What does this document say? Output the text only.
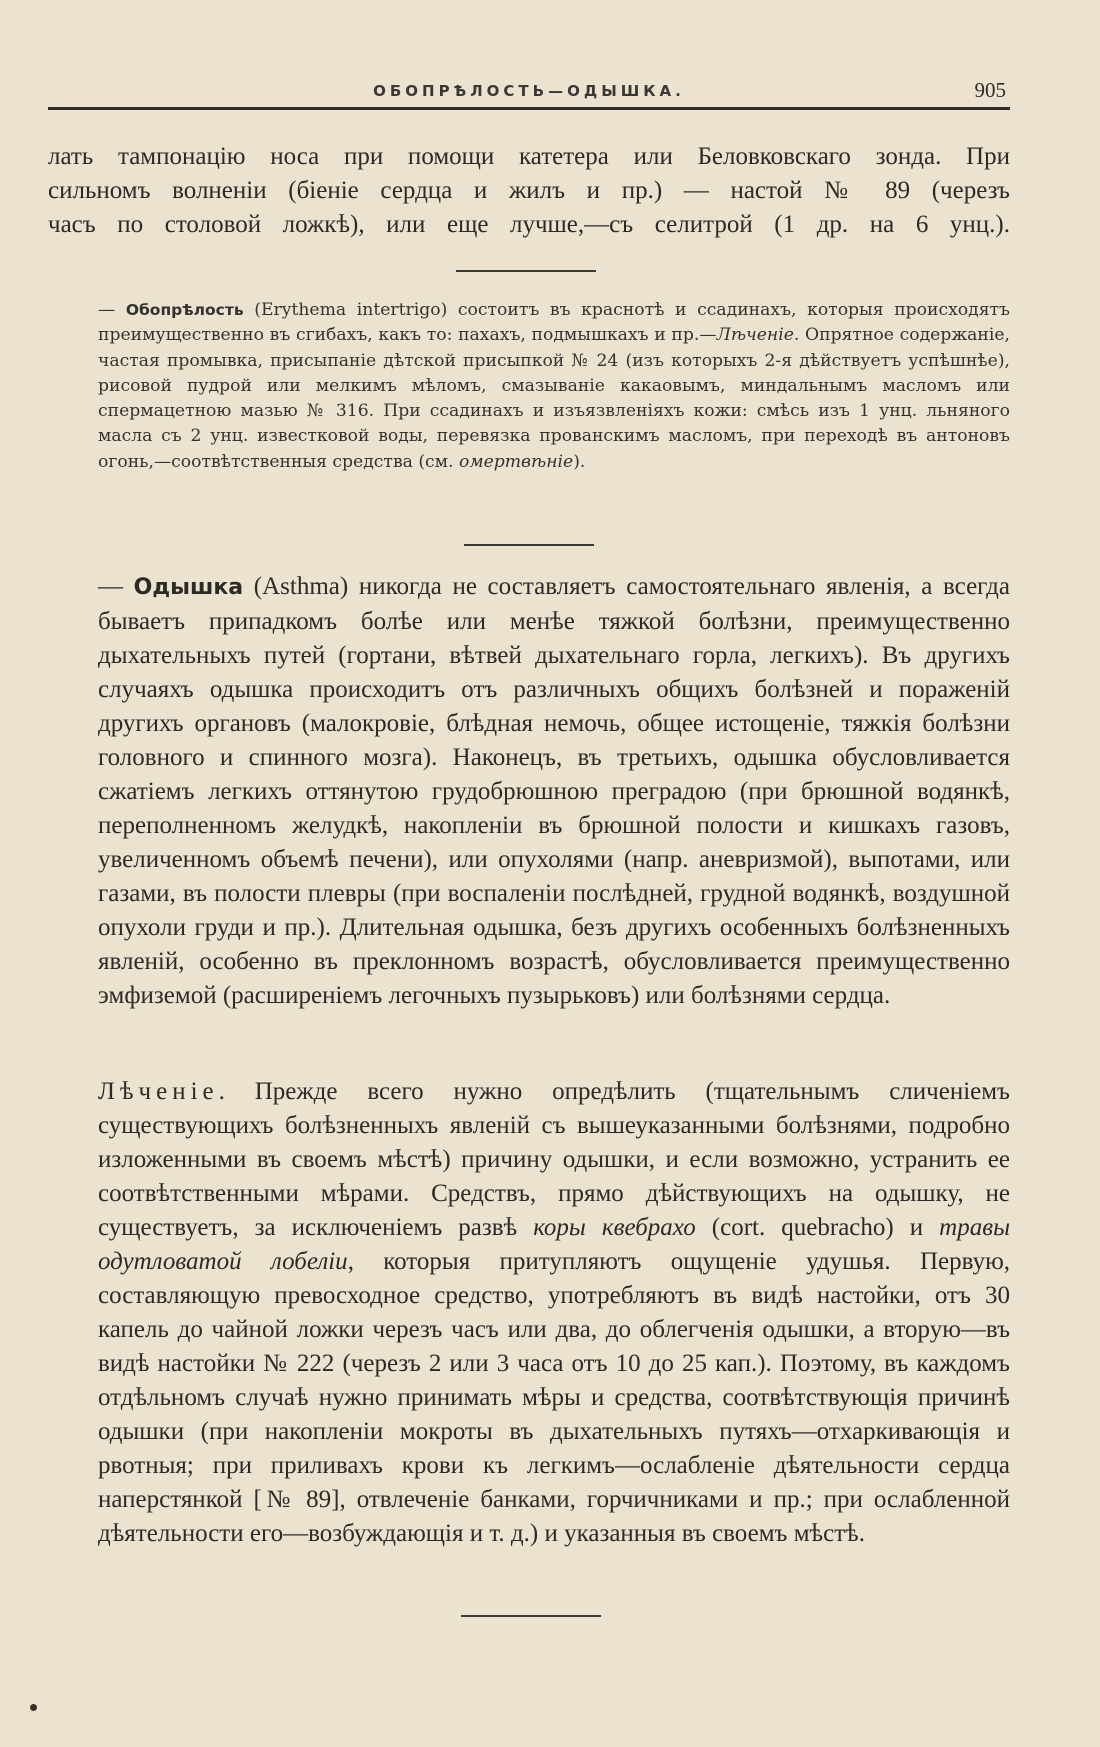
ОБОПРѢЛОСТЬ—ОДЫШКА.	905

лать тампонацію носа при помощи катетера или Беловковскаго зонда. При

сильномъ волненіи (біеніе сердца и жилъ и пр.) — настой № 89 (черезъ

часъ по столовой ложкѣ), или еще лучше,—съ селитрой (1 др. на 6 унц.).

— Обопрѣлость (Erythema intertrigo) состоитъ въ краснотѣ и ссадинахъ, которыя происходятъ преимущественно въ сгибахъ, какъ то: пахахъ, подмышкахъ и пр.—Лѣченіе. Опрятное содержаніе, частая промывка, присыпаніе дѣтской присыпкой № 24 (изъ которыхъ 2-я дѣйствуетъ успѣшнѣе), рисовой пудрой или мелкимъ мѣломъ, смазываніе какаовымъ, миндальнымъ масломъ или спермацетною мазью № 316. При ссадинахъ и изъязвленіяхъ кожи: смѣсь изъ 1 унц. льняного масла съ 2 унц. известковой воды, перевязка прованскимъ масломъ, при переходѣ въ антоновъ огонь,—соотвѣтственныя средства (см. омертвѣніе).

— Одышка (Asthma) никогда не составляетъ самостоятельнаго явленія, а всегда бываетъ припадкомъ болѣе или менѣе тяжкой болѣзни, преимущественно дыхательныхъ путей (гортани, вѣтвей дыхательнаго горла, легкихъ). Въ другихъ случаяхъ одышка происходитъ отъ различныхъ общихъ болѣзней и пораженій другихъ органовъ (малокровіе, блѣдная немочь, общее истощеніе, тяжкія болѣзни головного и спинного мозга). Наконецъ, въ третьихъ, одышка обусловливается сжатіемъ легкихъ оттянутою грудобрюшною преградою (при брюшной водянкѣ, переполненномъ желудкѣ, накопленіи въ брюшной полости и кишкахъ газовъ, увеличенномъ объемѣ печени), или опухолями (напр. аневризмой), выпотами, или газами, въ полости плевры (при воспаленіи послѣдней, грудной водянкѣ, воздушной опухоли груди и пр.). Длительная одышка, безъ другихъ особенныхъ болѣзненныхъ явленій, особенно въ преклонномъ возрастѣ, обусловливается преимущественно эмфиземой (расширеніемъ легочныхъ пузырьковъ) или болѣзнями сердца.

Лѣченіе. Прежде всего нужно опредѣлить (тщательнымъ сличеніемъ существующихъ болѣзненныхъ явленій съ вышеуказанными болѣзнями, подробно изложенными въ своемъ мѣстѣ) причину одышки, и если возможно, устранить ее соотвѣтственными мѣрами. Средствъ, прямо дѣйствующихъ на одышку, не существуетъ, за исключеніемъ развѣ коры квебрахо (cort. quebracho) и травы одутловатой лобеліи, которыя притупляютъ ощущеніе удушья. Первую, составляющую превосходное средство, употребляютъ въ видѣ настойки, отъ 30 капель до чайной ложки черезъ часъ или два, до облегченія одышки, а вторую—въ видѣ настойки № 222 (черезъ 2 или 3 часа отъ 10 до 25 кап.). Поэтому, въ каждомъ отдѣльномъ случаѣ нужно принимать мѣры и средства, соотвѣтствующія причинѣ одышки (при накопленіи мокроты въ дыхательныхъ путяхъ—отхаркивающія и рвотныя; при приливахъ крови къ легкимъ—ослабленіе дѣятельности сердца наперстянкой [№ 89], отвлеченіе банками, горчичниками и пр.; при ослабленной дѣятельности его—возбуждающія и т. д.) и указанныя въ своемъ мѣстѣ.
